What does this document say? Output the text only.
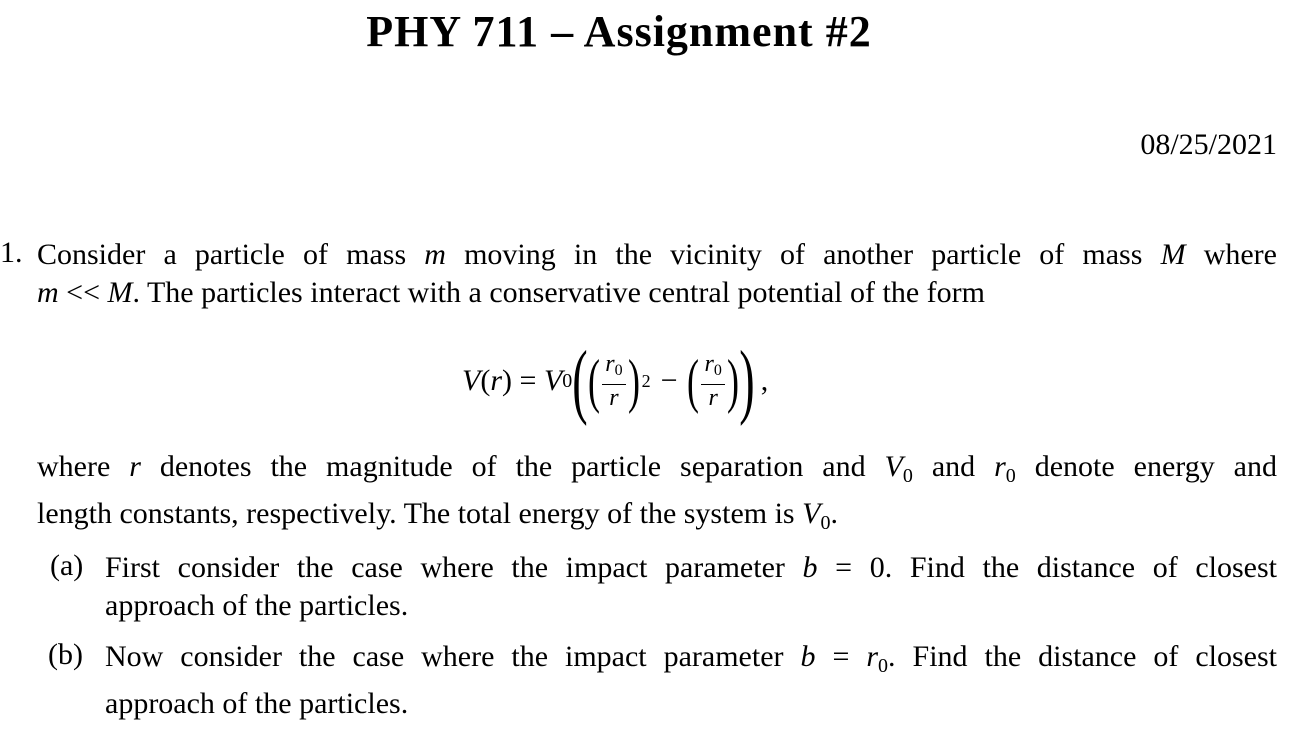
PHY 711 – Assignment #2
08/25/2021
1. Consider a particle of mass m moving in the vicinity of another particle of mass M where
m << M. The particles interact with a conservative central potential of the form
V ( r ) = V 0 ( ( $\frac{r_0}{r}$ ) 2 − ( $\frac{r_0}{r}$ ) ) ,
where r denotes the magnitude of the particle separation and $V_0$ and $r_0$ denote energy and
length constants, respectively. The total energy of the system is $V_0$.
(a) First consider the case where the impact parameter b = 0. Find the distance of closest
approach of the particles.
(b) Now consider the case where the impact parameter $b = r_0$. Find the distance of closest
approach of the particles.
